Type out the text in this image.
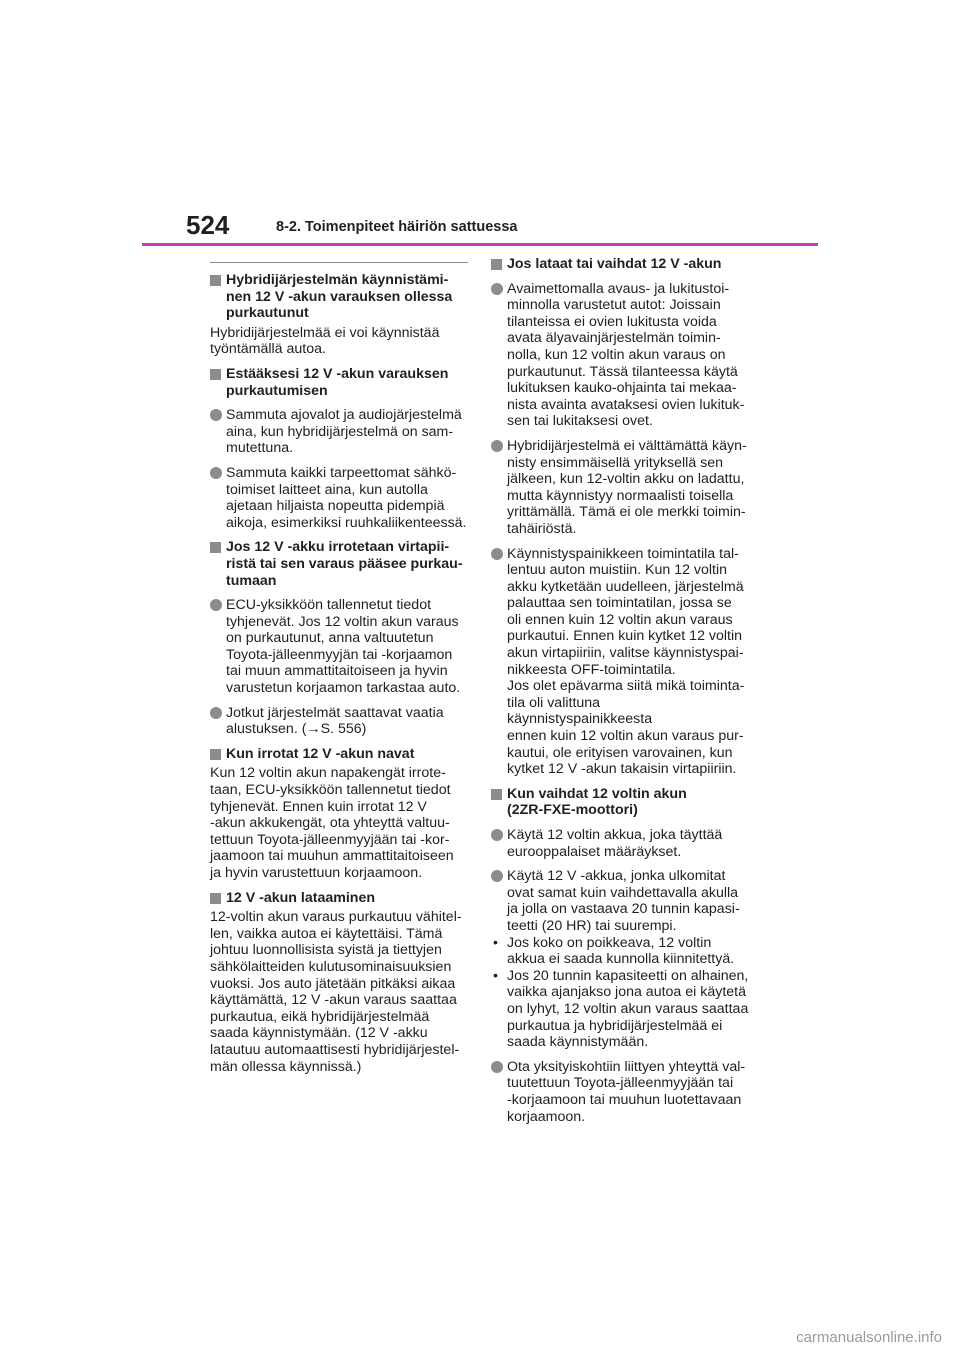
524	8-2. Toimenpiteet häiriön sattuessa
Hybridijärjestelmän käynnistämi-
nen 12 V -akun varauksen ollessa
purkautunut
Hybridijärjestelmää ei voi käynnistää
työntämällä autoa.
Estääksesi 12 V -akun varauksen
purkautumisen
Sammuta ajovalot ja audiojärjestelmä
aina, kun hybridijärjestelmä on sam-
mutettuna.
Sammuta kaikki tarpeettomat sähkö-
toimiset laitteet aina, kun autolla
ajetaan hiljaista nopeutta pidempiä
aikoja, esimerkiksi ruuhkaliikenteessä.
Jos 12 V -akku irrotetaan virtapii-
ristä tai sen varaus pääsee purkau-
tumaan
ECU-yksikköön tallennetut tiedot
tyhjenevät. Jos 12 voltin akun varaus
on purkautunut, anna valtuutetun
Toyota-jälleenmyyjän tai -korjaamon
tai muun ammattitaitoiseen ja hyvin
varustetun korjaamon tarkastaa auto.
Jotkut järjestelmät saattavat vaatia
alustuksen. (→S. 556)
Kun irrotat 12 V -akun navat
Kun 12 voltin akun napakengät irrote-
taan, ECU-yksikköön tallennetut tiedot
tyhjenevät. Ennen kuin irrotat 12 V
-akun akkukengät, ota yhteyttä valtuu-
tettuun Toyota-jälleenmyyjään tai -kor-
jaamoon tai muuhun ammattitaitoiseen
ja hyvin varustettuun korjaamoon.
12 V -akun lataaminen
12-voltin akun varaus purkautuu vähitel-
len, vaikka autoa ei käytettäisi. Tämä
johtuu luonnollisista syistä ja tiettyjen
sähkölaitteiden kulutusominaisuuksien
vuoksi. Jos auto jätetään pitkäksi aikaa
käyttämättä, 12 V -akun varaus saattaa
purkautua, eikä hybridijärjestelmää
saada käynnistymään. (12 V -akku
latautuu automaattisesti hybridijärjestel-
män ollessa käynnissä.)
Jos lataat tai vaihdat 12 V -akun
Avaimettomalla avaus- ja lukitustoi-
minnolla varustetut autot: Joissain
tilanteissa ei ovien lukitusta voida
avata älyavainjärjestelmän toimin-
nolla, kun 12 voltin akun varaus on
purkautunut. Tässä tilanteessa käytä
lukituksen kauko-ohjainta tai mekaa-
nista avainta avataksesi ovien lukituk-
sen tai lukitaksesi ovet.
Hybridijärjestelmä ei välttämättä käyn-
nisty ensimmäisellä yrityksellä sen
jälkeen, kun 12-voltin akku on ladattu,
mutta käynnistyy normaalisti toisella
yrittämällä. Tämä ei ole merkki toimin-
tahäiriöstä.
Käynnistyspainikkeen toimintatila tal-
lentuu auton muistiin. Kun 12 voltin
akku kytketään uudelleen, järjestelmä
palauttaa sen toimintatilan, jossa se
oli ennen kuin 12 voltin akun varaus
purkautui. Ennen kuin kytket 12 voltin
akun virtapiiriin, valitse käynnistyspai-
nikkeesta OFF-toimintatila.
Jos olet epävarma siitä mikä toiminta-
tila oli valittuna käynnistyspainikkeesta
ennen kuin 12 voltin akun varaus pur-
kautui, ole erityisen varovainen, kun
kytket 12 V -akun takaisin virtapiiriin.
Kun vaihdat 12 voltin akun
(2ZR-FXE-moottori)
Käytä 12 voltin akkua, joka täyttää
eurooppalaiset määräykset.
Käytä 12 V -akkua, jonka ulkomitat
ovat samat kuin vaihdettavalla akulla
ja jolla on vastaava 20 tunnin kapasi-
teetti (20 HR) tai suurempi.
• Jos koko on poikkeava, 12 voltin
akkua ei saada kunnolla kiinnitettyä.
• Jos 20 tunnin kapasiteetti on alhainen,
vaikka ajanjakso jona autoa ei käytetä
on lyhyt, 12 voltin akun varaus saattaa
purkautua ja hybridijärjestelmää ei
saada käynnistymään.
Ota yksityiskohtiin liittyen yhteyttä val-
tuutettuun Toyota-jälleenmyyjään tai
-korjaamoon tai muuhun luotettavaan
korjaamoon.
carmanualsonline.info
